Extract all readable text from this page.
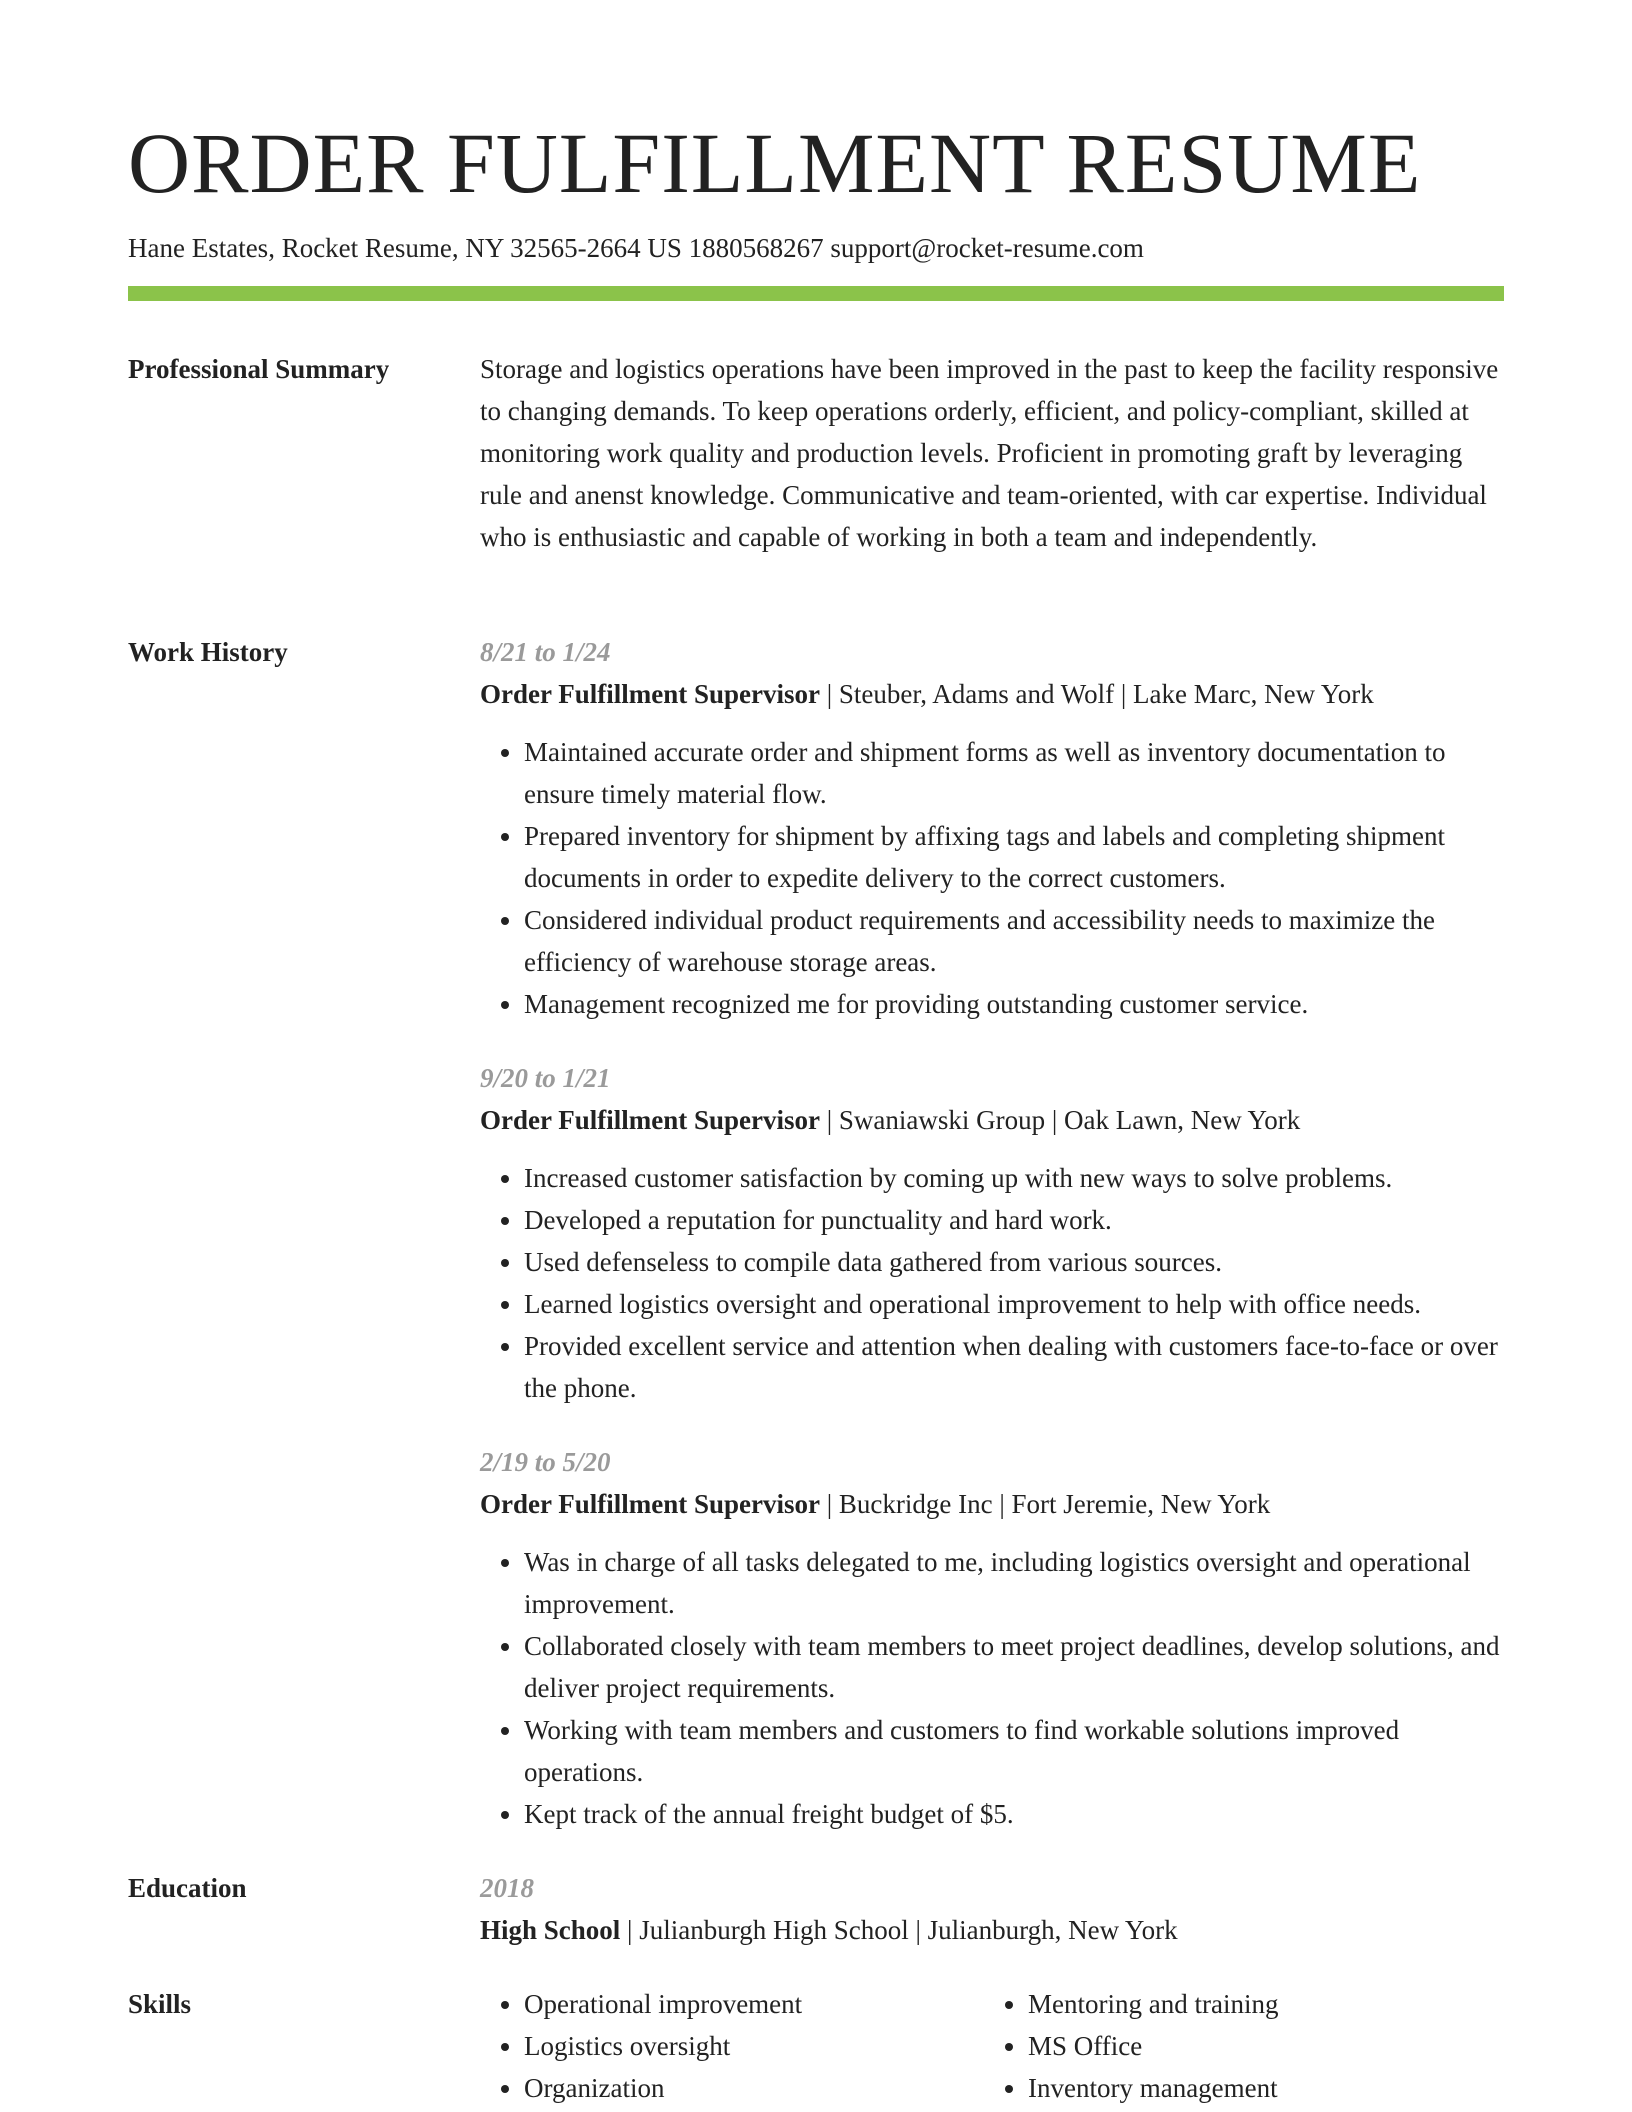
ORDER FULFILLMENT RESUME
Hane Estates, Rocket Resume, NY 32565-2664 US 1880568267 support@rocket-resume.com
Professional Summary	Storage and logistics operations have been improved in the past to keep the facility responsive to changing demands. To keep operations orderly, efficient, and policy-compliant, skilled at monitoring work quality and production levels. Proficient in promoting graft by leveraging rule and anenst knowledge. Communicative and team-oriented, with car expertise. Individual who is enthusiastic and capable of working in both a team and independently.

Work History	8/21 to 1/24
Order Fulfillment Supervisor | Steuber, Adams and Wolf | Lake Marc, New York
• Maintained accurate order and shipment forms as well as inventory documentation to ensure timely material flow.
• Prepared inventory for shipment by affixing tags and labels and completing shipment documents in order to expedite delivery to the correct customers.
• Considered individual product requirements and accessibility needs to maximize the efficiency of warehouse storage areas.
• Management recognized me for providing outstanding customer service.
9/20 to 1/21
Order Fulfillment Supervisor | Swaniawski Group | Oak Lawn, New York
• Increased customer satisfaction by coming up with new ways to solve problems.
• Developed a reputation for punctuality and hard work.
• Used defenseless to compile data gathered from various sources.
• Learned logistics oversight and operational improvement to help with office needs.
• Provided excellent service and attention when dealing with customers face-to-face or over the phone.
2/19 to 5/20
Order Fulfillment Supervisor | Buckridge Inc | Fort Jeremie, New York
• Was in charge of all tasks delegated to me, including logistics oversight and operational improvement.
• Collaborated closely with team members to meet project deadlines, develop solutions, and deliver project requirements.
• Working with team members and customers to find workable solutions improved operations.
• Kept track of the annual freight budget of $5.
Education	2018
High School | Julianburgh High School | Julianburgh, New York
Skills
•	Operational improvement
• Logistics oversight
• Organization
• Mentoring and training
• MS Office
• Inventory management
